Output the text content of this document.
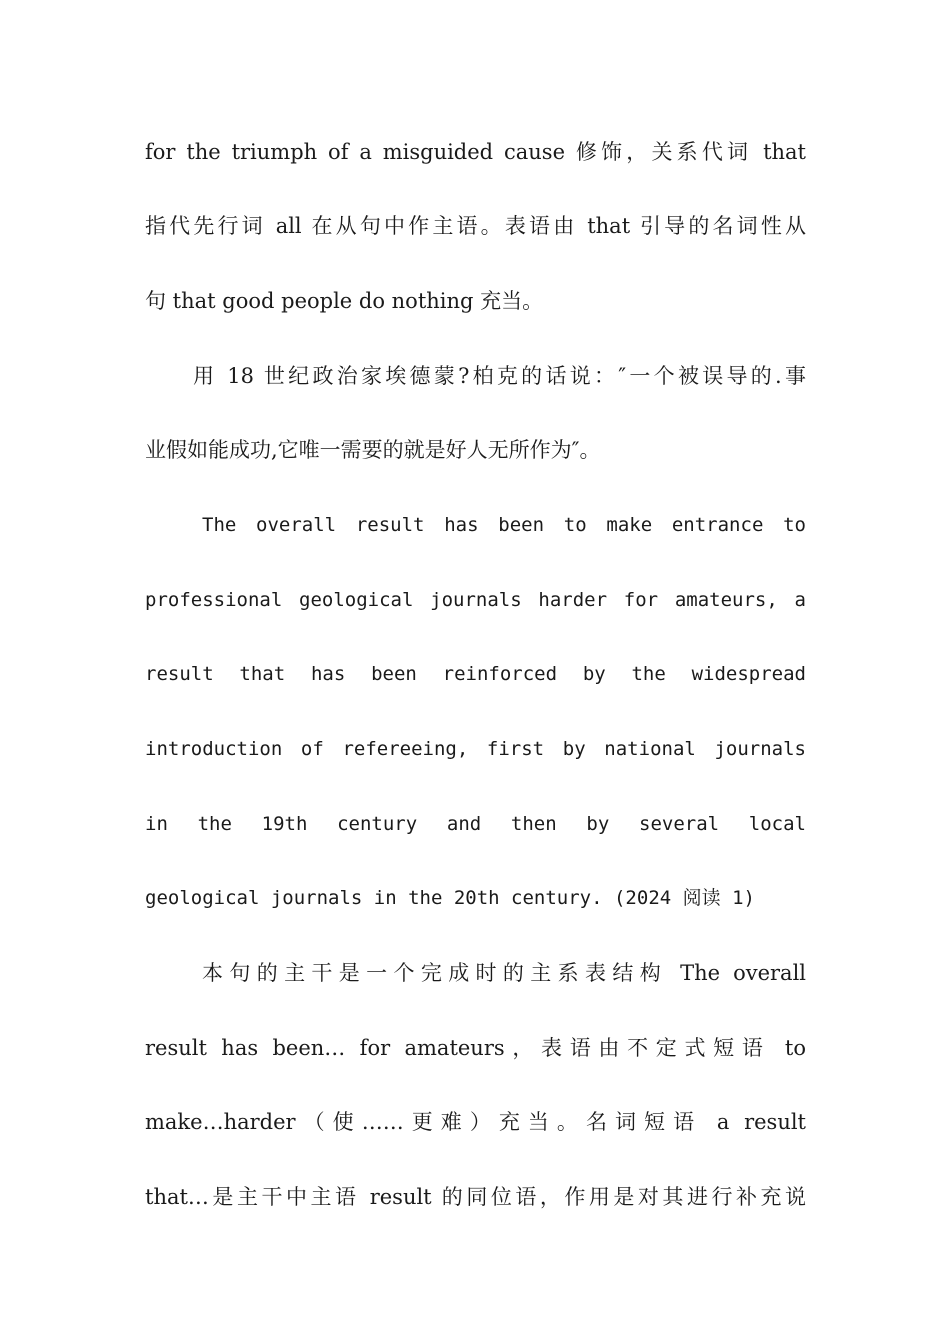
for the triumph of a misguided cause 修饰，关系代词 that
指代先行词 all 在从句中作主语。表语由 that 引导的名词性从
句 that good people do nothing 充当。
用 18 世纪政治家埃德蒙?柏克的话说：″一个被误导的.事
业假如能成功,它唯一需要的就是好人无所作为″。
The overall result has been to make entrance to
professional geological journals harder for amateurs, a
result that has been reinforced by the widespread
introduction of refereeing, first by national journals
in the 19th century and then by several local
geological journals in the 20th century. (2024 阅读 1)
本句的主干是一个完成时的主系表结构 The overall
result has been… for amateurs，表语由不定式短语 to
make…harder（使……更难）充当。名词短语 a result
that…是主干中主语 result 的同位语，作用是对其进行补充说
